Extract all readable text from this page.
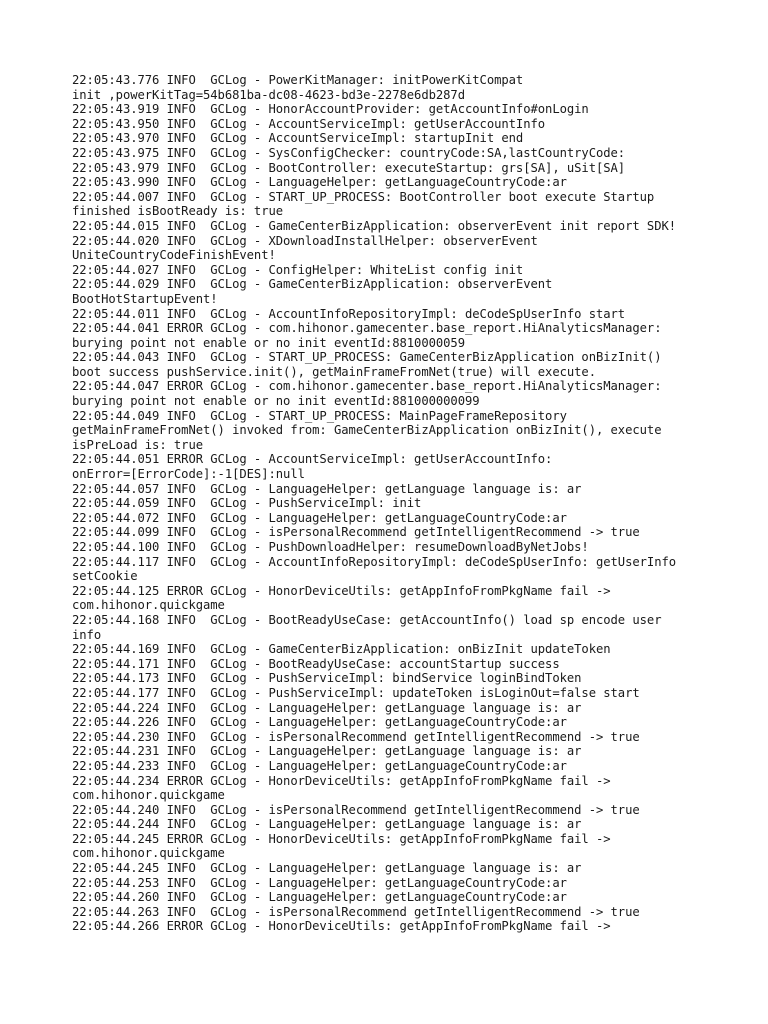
22:05:43.776 INFO  GCLog - PowerKitManager: initPowerKitCompat
init ,powerKitTag=54b681ba-dc08-4623-bd3e-2278e6db287d
22:05:43.919 INFO  GCLog - HonorAccountProvider: getAccountInfo#onLogin
22:05:43.950 INFO  GCLog - AccountServiceImpl: getUserAccountInfo
22:05:43.970 INFO  GCLog - AccountServiceImpl: startupInit end
22:05:43.975 INFO  GCLog - SysConfigChecker: countryCode:SA,lastCountryCode:
22:05:43.979 INFO  GCLog - BootController: executeStartup: grs[SA], uSit[SA]
22:05:43.990 INFO  GCLog - LanguageHelper: getLanguageCountryCode:ar
22:05:44.007 INFO  GCLog - START_UP_PROCESS: BootController boot execute Startup
finished isBootReady is: true
22:05:44.015 INFO  GCLog - GameCenterBizApplication: observerEvent init report SDK!
22:05:44.020 INFO  GCLog - XDownloadInstallHelper: observerEvent
UniteCountryCodeFinishEvent!
22:05:44.027 INFO  GCLog - ConfigHelper: WhiteList config init
22:05:44.029 INFO  GCLog - GameCenterBizApplication: observerEvent
BootHotStartupEvent!
22:05:44.011 INFO  GCLog - AccountInfoRepositoryImpl: deCodeSpUserInfo start
22:05:44.041 ERROR GCLog - com.hihonor.gamecenter.base_report.HiAnalyticsManager:
burying point not enable or no init eventId:8810000059
22:05:44.043 INFO  GCLog - START_UP_PROCESS: GameCenterBizApplication onBizInit()
boot success pushService.init(), getMainFrameFromNet(true) will execute.
22:05:44.047 ERROR GCLog - com.hihonor.gamecenter.base_report.HiAnalyticsManager:
burying point not enable or no init eventId:881000000099
22:05:44.049 INFO  GCLog - START_UP_PROCESS: MainPageFrameRepository
getMainFrameFromNet() invoked from: GameCenterBizApplication onBizInit(), execute
isPreLoad is: true
22:05:44.051 ERROR GCLog - AccountServiceImpl: getUserAccountInfo:
onError=[ErrorCode]:-1[DES]:null
22:05:44.057 INFO  GCLog - LanguageHelper: getLanguage language is: ar
22:05:44.059 INFO  GCLog - PushServiceImpl: init
22:05:44.072 INFO  GCLog - LanguageHelper: getLanguageCountryCode:ar
22:05:44.099 INFO  GCLog - isPersonalRecommend getIntelligentRecommend -> true
22:05:44.100 INFO  GCLog - PushDownloadHelper: resumeDownloadByNetJobs!
22:05:44.117 INFO  GCLog - AccountInfoRepositoryImpl: deCodeSpUserInfo: getUserInfo
setCookie
22:05:44.125 ERROR GCLog - HonorDeviceUtils: getAppInfoFromPkgName fail ->
com.hihonor.quickgame
22:05:44.168 INFO  GCLog - BootReadyUseCase: getAccountInfo() load sp encode user
info
22:05:44.169 INFO  GCLog - GameCenterBizApplication: onBizInit updateToken
22:05:44.171 INFO  GCLog - BootReadyUseCase: accountStartup success
22:05:44.173 INFO  GCLog - PushServiceImpl: bindService loginBindToken
22:05:44.177 INFO  GCLog - PushServiceImpl: updateToken isLoginOut=false start
22:05:44.224 INFO  GCLog - LanguageHelper: getLanguage language is: ar
22:05:44.226 INFO  GCLog - LanguageHelper: getLanguageCountryCode:ar
22:05:44.230 INFO  GCLog - isPersonalRecommend getIntelligentRecommend -> true
22:05:44.231 INFO  GCLog - LanguageHelper: getLanguage language is: ar
22:05:44.233 INFO  GCLog - LanguageHelper: getLanguageCountryCode:ar
22:05:44.234 ERROR GCLog - HonorDeviceUtils: getAppInfoFromPkgName fail ->
com.hihonor.quickgame
22:05:44.240 INFO  GCLog - isPersonalRecommend getIntelligentRecommend -> true
22:05:44.244 INFO  GCLog - LanguageHelper: getLanguage language is: ar
22:05:44.245 ERROR GCLog - HonorDeviceUtils: getAppInfoFromPkgName fail ->
com.hihonor.quickgame
22:05:44.245 INFO  GCLog - LanguageHelper: getLanguage language is: ar
22:05:44.253 INFO  GCLog - LanguageHelper: getLanguageCountryCode:ar
22:05:44.260 INFO  GCLog - LanguageHelper: getLanguageCountryCode:ar
22:05:44.263 INFO  GCLog - isPersonalRecommend getIntelligentRecommend -> true
22:05:44.266 ERROR GCLog - HonorDeviceUtils: getAppInfoFromPkgName fail ->
